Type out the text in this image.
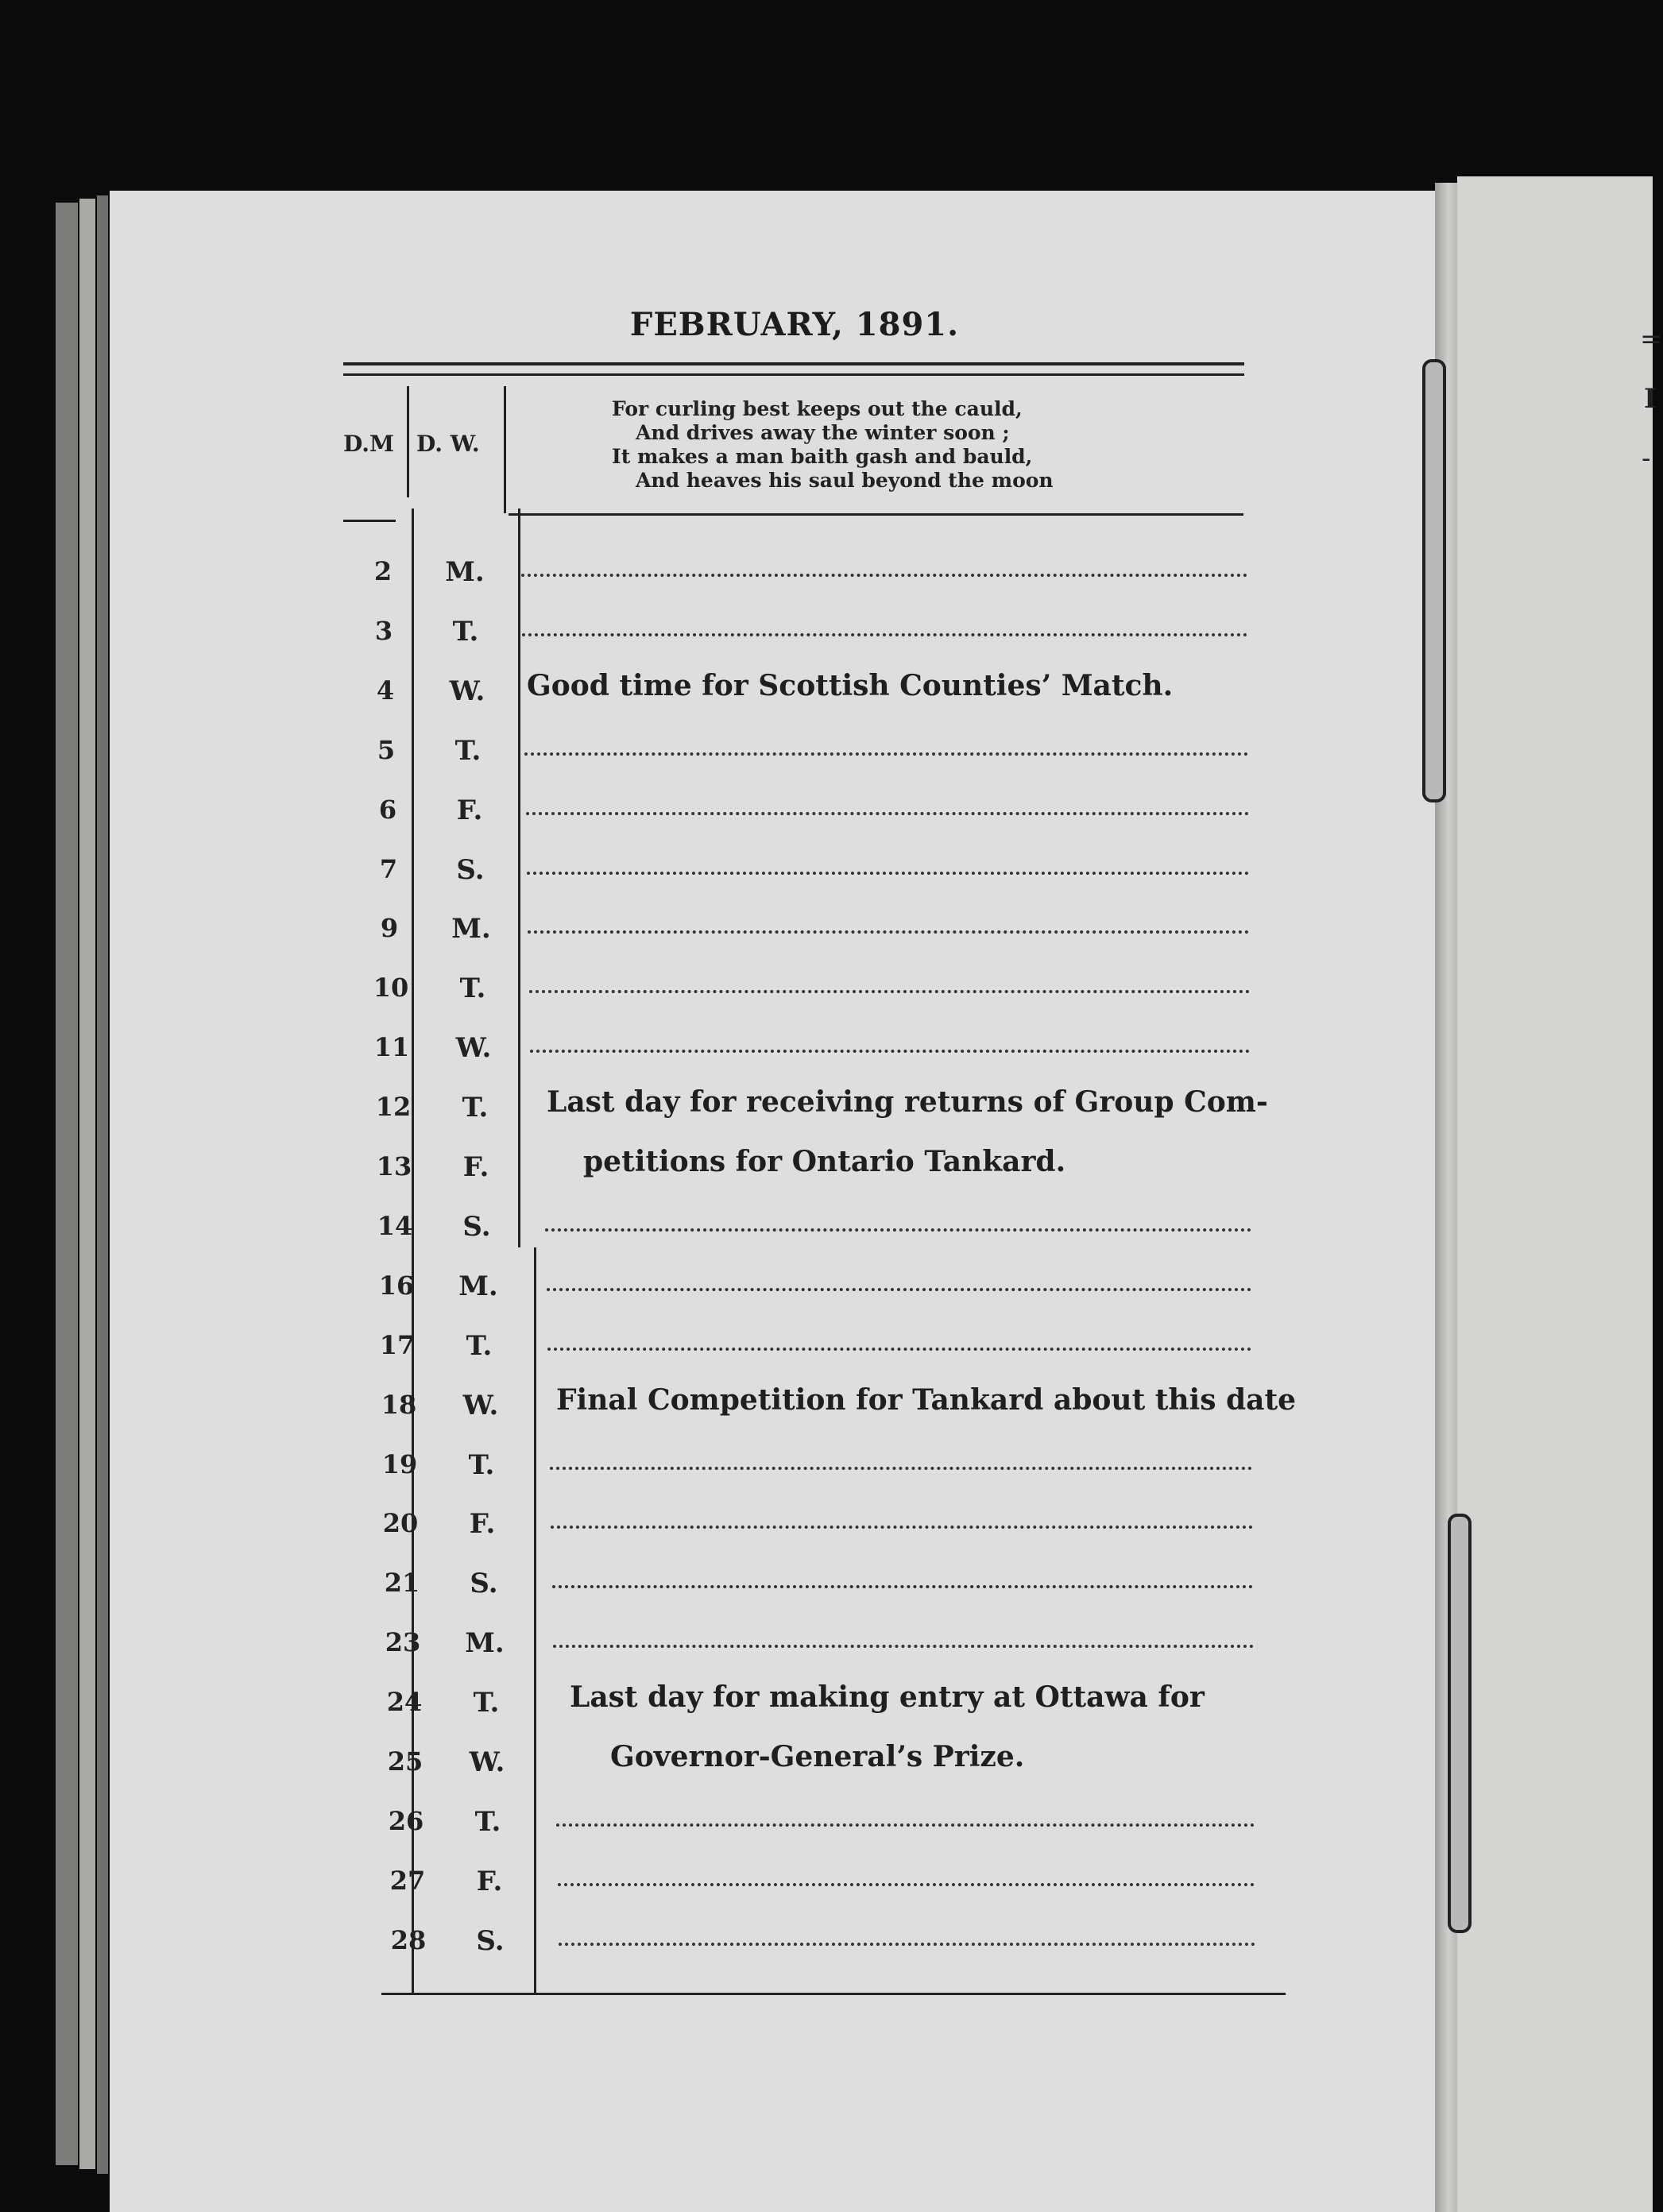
=
I
-
FEBRUARY, 1891.
D.M D. W.
For curling best keeps out the cauld,
And drives away the winter soon ;
It makes a man baith gash and bauld,
And heaves his saul beyond the moon
2	M.
3	T.
4	W.	Good time for Scottish Counties’ Match.
5	T.
6	F.
7	S.
9	M.
10	T.
11	W.
12	T.	Last day for receiving returns of Group Com-
13	F.	petitions for Ontario Tankard.
14	S.
16	M.
17	T.
18	W.	Final Competition for Tankard about this date
19	T.
20	F.
21	S.
23	M.
24	T.	Last day for making entry at Ottawa for
25	W.	Governor-General’s Prize.
26	T.
27	F.
28	S.
